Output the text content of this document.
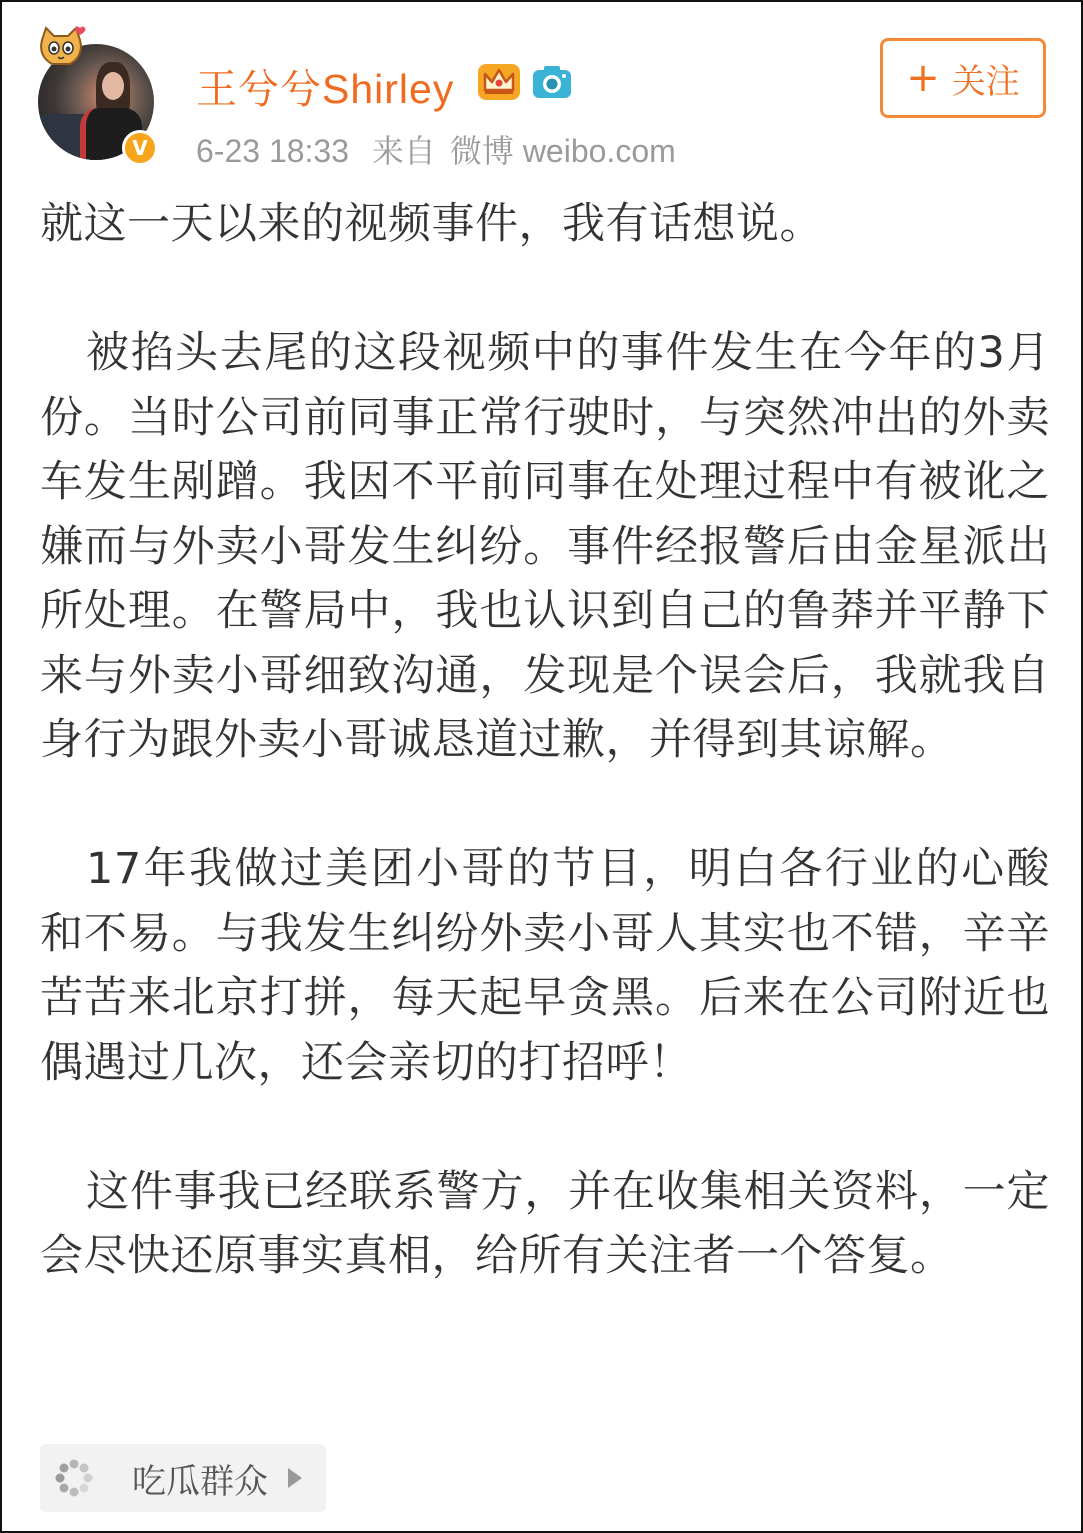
V
王兮兮Shirley
6-23 18:33 来自 微博 weibo.com
+ 关注

就这一天以来的视频事件，我有话想说。

被掐头去尾的这段视频中的事件发生在今年的3月份。当时公司前同事正常行驶时，与突然冲出的外卖车发生剐蹭。我因不平前同事在处理过程中有被讹之嫌而与外卖小哥发生纠纷。事件经报警后由金星派出所处理。在警局中，我也认识到自己的鲁莽并平静下来与外卖小哥细致沟通，发现是个误会后，我就我自身行为跟外卖小哥诚恳道过歉，并得到其谅解。

17年我做过美团小哥的节目，明白各行业的心酸和不易。与我发生纠纷外卖小哥人其实也不错，辛辛苦苦来北京打拼，每天起早贪黑。后来在公司附近也偶遇过几次，还会亲切的打招呼！

这件事我已经联系警方，并在收集相关资料，一定会尽快还原事实真相，给所有关注者一个答复。

吃瓜群众
